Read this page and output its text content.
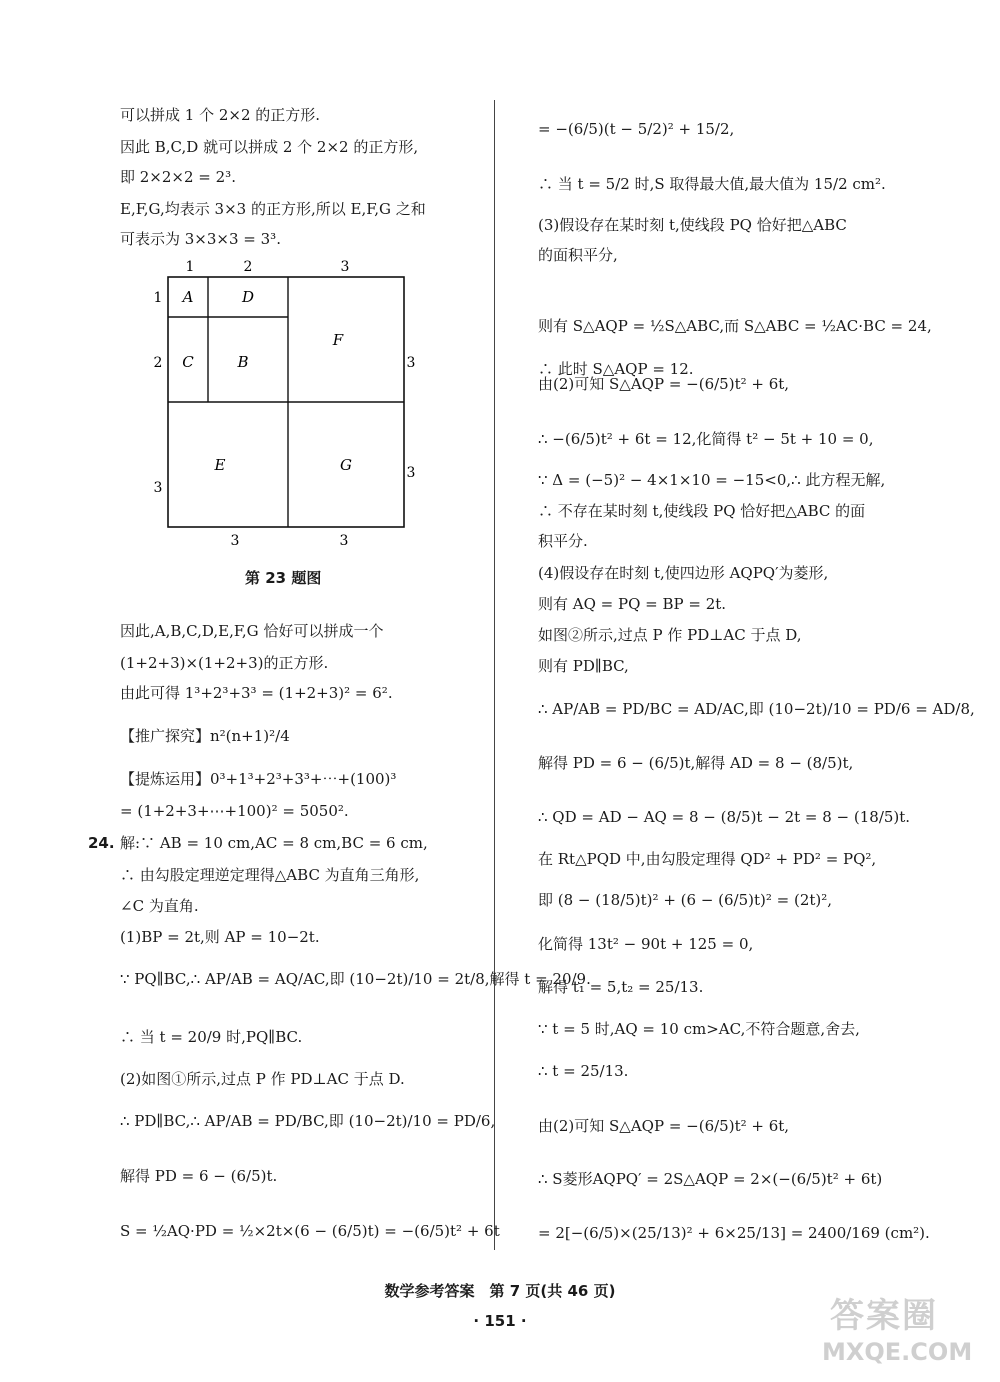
可以拼成 1 个 2×2 的正方形.
因此 B,C,D 就可以拼成 2 个 2×2 的正方形,
即 2×2×2 = 2³.
E,F,G,均表示 3×3 的正方形,所以 E,F,G 之和
可表示为 3×3×3 = 3³.
A	D
C	B
F
E	G
1	2	3
1
2
3
3
3
3	3
第 23 题图
因此,A,B,C,D,E,F,G 恰好可以拼成一个
(1+2+3)×(1+2+3)的正方形.
由此可得 1³+2³+3³ = (1+2+3)² = 6².
【推广探究】n²(n+1)²/4
【提炼运用】0³+1³+2³+3³+⋯+(100)³
= (1+2+3+⋯+100)² = 5050².
24. 解:∵ AB = 10 cm,AC = 8 cm,BC = 6 cm,
∴ 由勾股定理逆定理得△ABC 为直角三角形,
∠C 为直角.
(1)BP = 2t,则 AP = 10−2t.
∵ PQ∥BC,∴ AP/AB = AQ/AC,即 (10−2t)/10 = 2t/8,解得 t = 20/9.
∴ 当 t = 20/9 时,PQ∥BC.
(2)如图①所示,过点 P 作 PD⊥AC 于点 D.
∴ PD∥BC,∴ AP/AB = PD/BC,即 (10−2t)/10 = PD/6,
解得 PD = 6 − (6/5)t.
S = ½AQ·PD = ½×2t×(6 − (6/5)t) = −(6/5)t² + 6t
= −(6/5)(t − 5/2)² + 15/2,
∴ 当 t = 5/2 时,S 取得最大值,最大值为 15/2 cm².
(3)假设存在某时刻 t,使线段 PQ 恰好把△ABC
的面积平分,
则有 S△AQP = ½S△ABC,而 S△ABC = ½AC·BC = 24,
∴ 此时 S△AQP = 12.
由(2)可知 S△AQP = −(6/5)t² + 6t,
∴ −(6/5)t² + 6t = 12,化简得 t² − 5t + 10 = 0,
∵ Δ = (−5)² − 4×1×10 = −15<0,∴ 此方程无解,
∴ 不存在某时刻 t,使线段 PQ 恰好把△ABC 的面
积平分.
(4)假设存在时刻 t,使四边形 AQPQ′为菱形,
则有 AQ = PQ = BP = 2t.
如图②所示,过点 P 作 PD⊥AC 于点 D,
则有 PD∥BC,
∴ AP/AB = PD/BC = AD/AC,即 (10−2t)/10 = PD/6 = AD/8,
解得 PD = 6 − (6/5)t,解得 AD = 8 − (8/5)t,
∴ QD = AD − AQ = 8 − (8/5)t − 2t = 8 − (18/5)t.
在 Rt△PQD 中,由勾股定理得 QD² + PD² = PQ²,
即 (8 − (18/5)t)² + (6 − (6/5)t)² = (2t)²,
化简得 13t² − 90t + 125 = 0,
解得 t₁ = 5,t₂ = 25/13.
∵ t = 5 时,AQ = 10 cm>AC,不符合题意,舍去,
∴ t = 25/13.
由(2)可知 S△AQP = −(6/5)t² + 6t,
∴ S菱形AQPQ′ = 2S△AQP = 2×(−(6/5)t² + 6t)
= 2[−(6/5)×(25/13)² + 6×25/13] = 2400/169 (cm²).
数学参考答案　第 7 页(共 46 页)
· 151 ·	答案圈
MXQE.COM
